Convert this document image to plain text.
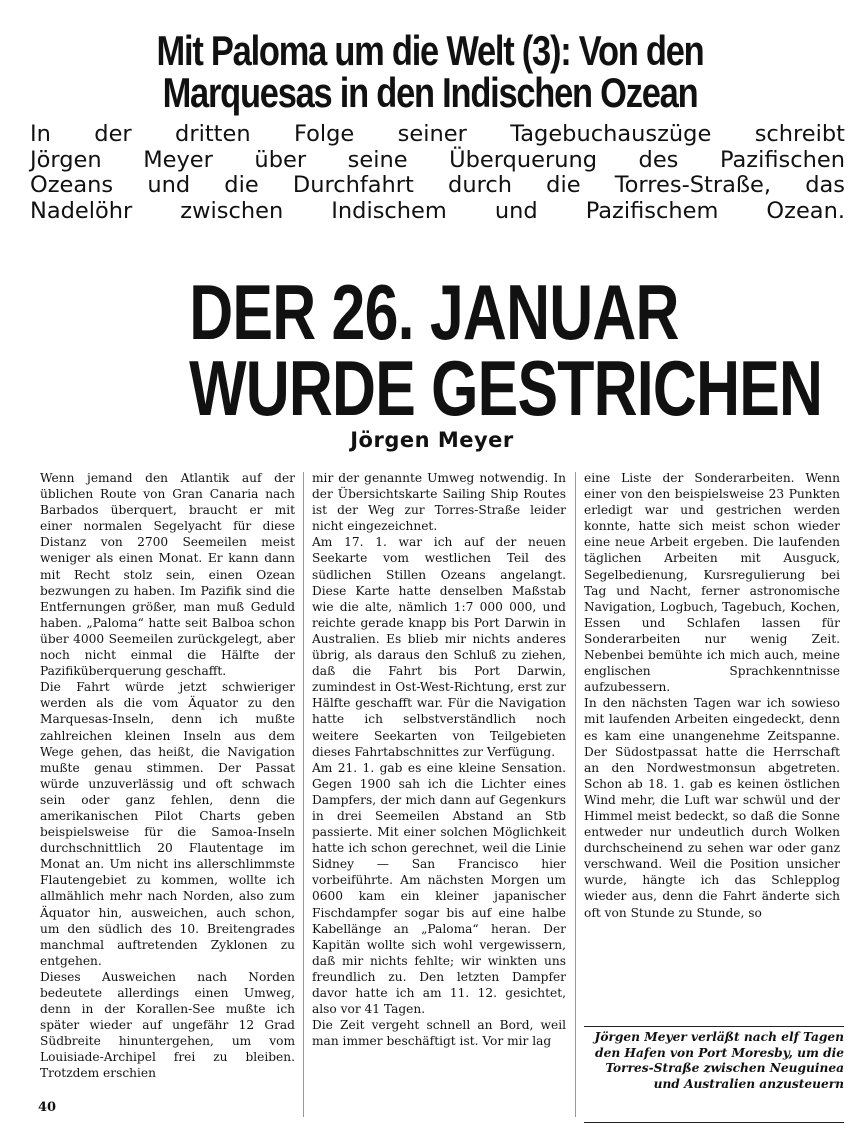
Mit Paloma um die Welt (3): Von den
Marquesas in den Indischen Ozean
In der dritten Folge seiner Tagebuchauszüge schreibt
Jörgen Meyer über seine Überquerung des Pazifischen
Ozeans und die Durchfahrt durch die Torres-Straße, das
Nadelöhr zwischen Indischem und Pazifischem Ozean.
DER 26. JANUAR
WURDE GESTRICHEN
Jörgen Meyer
Wenn jemand den Atlantik auf der üblichen Route von Gran Canaria nach Barbados überquert, braucht er mit einer normalen Segelyacht für diese Distanz von 2700 Seemeilen meist weniger als einen Monat. Er kann dann mit Recht stolz sein, einen Ozean bezwungen zu haben. Im Pazifik sind die Entfernungen größer, man muß Geduld haben. „Paloma“ hatte seit Balboa schon über 4000 Seemeilen zurückgelegt, aber noch nicht einmal die Hälfte der Pazifiküberquerung geschafft.
Die Fahrt würde jetzt schwieriger werden als die vom Äquator zu den Marquesas-Inseln, denn ich mußte zahlreichen kleinen Inseln aus dem Wege gehen, das heißt, die Navigation mußte genau stimmen. Der Passat würde unzuverlässig und oft schwach sein oder ganz fehlen, denn die amerikanischen Pilot Charts geben beispielsweise für die Samoa-Inseln durchschnittlich 20 Flautentage im Monat an. Um nicht ins allerschlimmste Flautengebiet zu kommen, wollte ich allmählich mehr nach Norden, also zum Äquator hin, ausweichen, auch schon, um den südlich des 10. Breitengrades manchmal auftretenden Zyklonen zu entgehen.
Dieses Ausweichen nach Norden bedeutete allerdings einen Umweg, denn in der Korallen-See mußte ich später wieder auf ungefähr 12 Grad Südbreite hinuntergehen, um vom Louisiade-Archipel frei zu bleiben. Trotzdem erschien
mir der genannte Umweg notwendig. In der Übersichtskarte Sailing Ship Routes ist der Weg zur Torres-Straße leider nicht eingezeichnet.
Am 17. 1. war ich auf der neuen Seekarte vom westlichen Teil des südlichen Stillen Ozeans angelangt. Diese Karte hatte denselben Maßstab wie die alte, nämlich 1:7 000 000, und reichte gerade knapp bis Port Darwin in Australien. Es blieb mir nichts anderes übrig, als daraus den Schluß zu ziehen, daß die Fahrt bis Port Darwin, zumindest in Ost-West-Richtung, erst zur Hälfte geschafft war. Für die Navigation hatte ich selbstverständlich noch weitere Seekarten von Teilgebieten dieses Fahrtabschnittes zur Verfügung.
Am 21. 1. gab es eine kleine Sensation. Gegen 1900 sah ich die Lichter eines Dampfers, der mich dann auf Gegenkurs in drei Seemeilen Abstand an Stb passierte. Mit einer solchen Möglichkeit hatte ich schon gerechnet, weil die Linie Sidney — San Francisco hier vorbeiführte. Am nächsten Morgen um 0600 kam ein kleiner japanischer Fischdampfer sogar bis auf eine halbe Kabellänge an „Paloma“ heran. Der Kapitän wollte sich wohl vergewissern, daß mir nichts fehlte; wir winkten uns freundlich zu. Den letzten Dampfer davor hatte ich am 11. 12. gesichtet, also vor 41 Tagen.
Die Zeit vergeht schnell an Bord, weil man immer beschäftigt ist. Vor mir lag
eine Liste der Sonderarbeiten. Wenn einer von den beispielsweise 23 Punkten erledigt war und gestrichen werden konnte, hatte sich meist schon wieder eine neue Arbeit ergeben. Die laufenden täglichen Arbeiten mit Ausguck, Segelbedienung, Kursregulierung bei Tag und Nacht, ferner astronomische Navigation, Logbuch, Tagebuch, Kochen, Essen und Schlafen lassen für Sonderarbeiten nur wenig Zeit. Nebenbei bemühte ich mich auch, meine englischen Sprachkenntnisse aufzubessern.
In den nächsten Tagen war ich sowieso mit laufenden Arbeiten eingedeckt, denn es kam eine unangenehme Zeitspanne. Der Südostpassat hatte die Herrschaft an den Nordwestmonsun abgetreten. Schon ab 18. 1. gab es keinen östlichen Wind mehr, die Luft war schwül und der Himmel meist bedeckt, so daß die Sonne entweder nur undeutlich durch Wolken durchscheinend zu sehen war oder ganz verschwand. Weil die Position unsicher wurde, hängte ich das Schlepplog wieder aus, denn die Fahrt änderte sich oft von Stunde zu Stunde, so
Jörgen Meyer verläßt nach elf Tagen den Hafen von Port Moresby, um die Torres-Straße zwischen Neuguinea und Australien anzusteuern
40
